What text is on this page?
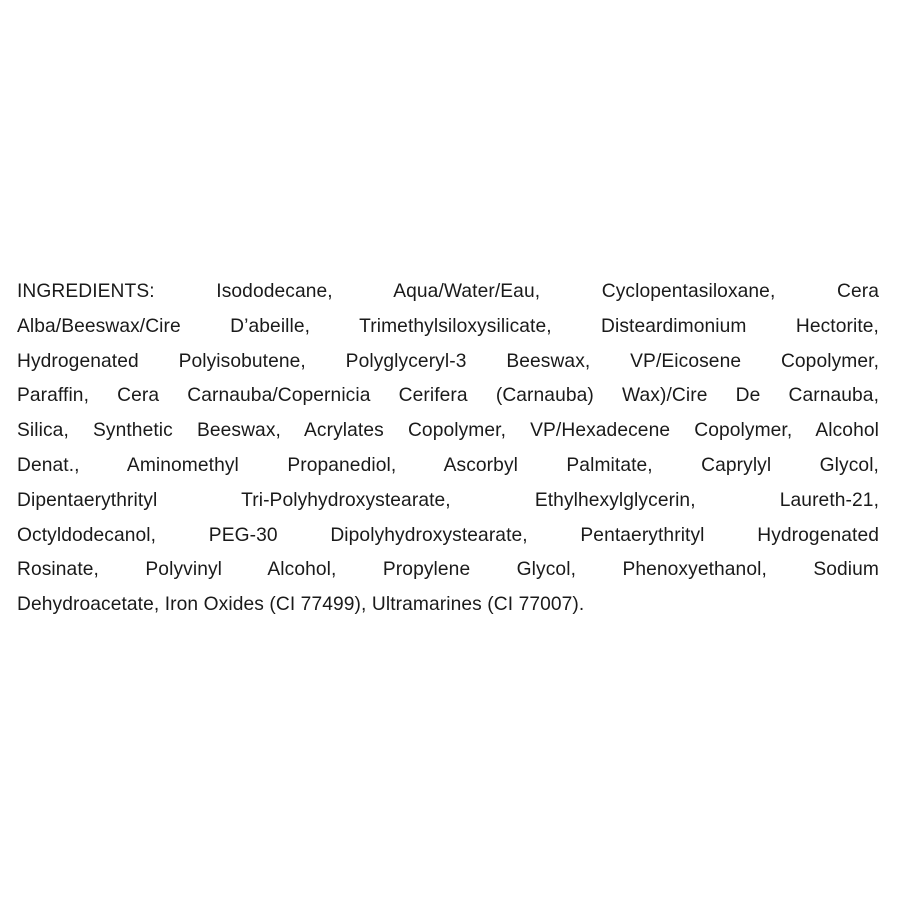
INGREDIENTS: Isododecane, Aqua/Water/Eau, Cyclopentasiloxane, Cera
Alba/Beeswax/Cire D’abeille, Trimethylsiloxysilicate, Disteardimonium Hectorite,
Hydrogenated Polyisobutene, Polyglyceryl-3 Beeswax, VP/Eicosene Copolymer,
Paraffin, Cera Carnauba/Copernicia Cerifera (Carnauba) Wax)/Cire De Carnauba,
Silica, Synthetic Beeswax, Acrylates Copolymer, VP/Hexadecene Copolymer, Alcohol
Denat., Aminomethyl Propanediol, Ascorbyl Palmitate, Caprylyl Glycol,
Dipentaerythrityl Tri-Polyhydroxystearate, Ethylhexylglycerin, Laureth-21,
Octyldodecanol, PEG-30 Dipolyhydroxystearate, Pentaerythrityl Hydrogenated
Rosinate, Polyvinyl Alcohol, Propylene Glycol, Phenoxyethanol, Sodium
Dehydroacetate, Iron Oxides (CI 77499), Ultramarines (CI 77007).
